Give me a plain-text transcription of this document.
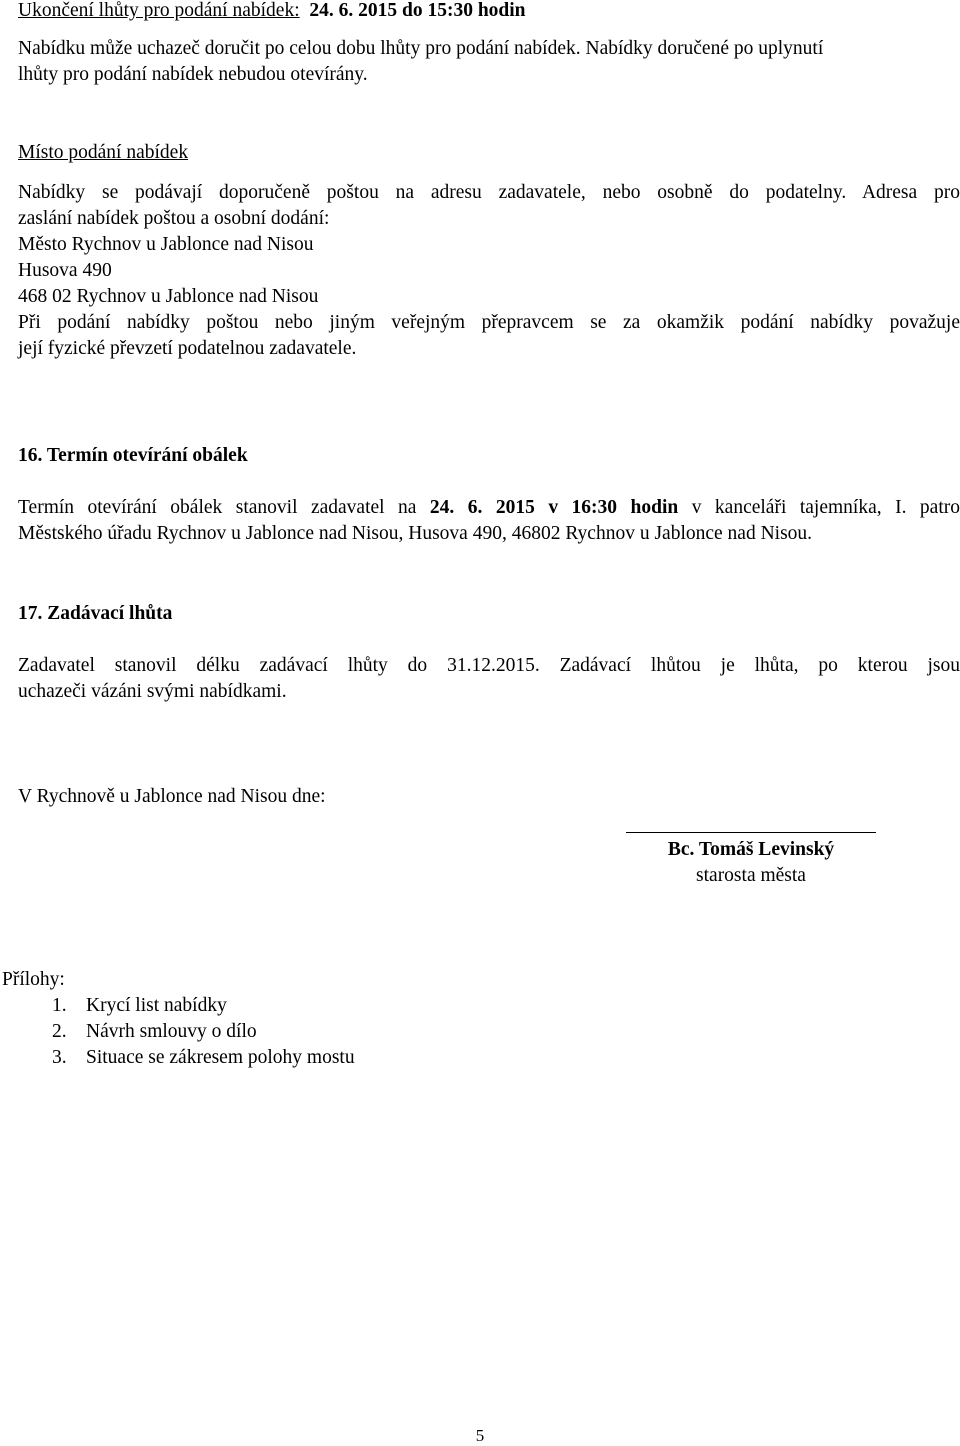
Ukončení lhůty pro podání nabídek: 24. 6. 2015 do 15:30 hodin
Nabídku může uchazeč doručit po celou dobu lhůty pro podání nabídek. Nabídky doručené po uplynutí
lhůty pro podání nabídek nebudou otevírány.
Místo podání nabídek
Nabídky se podávají doporučeně poštou na adresu zadavatele, nebo osobně do podatelny. Adresa pro
zaslání nabídek poštou a osobní dodání:
Město Rychnov u Jablonce nad Nisou
Husova 490
468 02 Rychnov u Jablonce nad Nisou
Při podání nabídky poštou nebo jiným veřejným přepravcem se za okamžik podání nabídky považuje
její fyzické převzetí podatelnou zadavatele.
16. Termín otevírání obálek
Termín otevírání obálek stanovil zadavatel na 24. 6. 2015 v 16:30 hodin v kanceláři tajemníka, I. patro
Městského úřadu Rychnov u Jablonce nad Nisou, Husova 490, 46802 Rychnov u Jablonce nad Nisou.
17. Zadávací lhůta
Zadavatel stanovil délku zadávací lhůty do 31.12.2015. Zadávací lhůtou je lhůta, po kterou jsou
uchazeči vázáni svými nabídkami.
V Rychnově u Jablonce nad Nisou dne:
Bc. Tomáš Levinský
starosta města
Přílohy:
1. Krycí list nabídky
2. Návrh smlouvy o dílo
3. Situace se zákresem polohy mostu
5
